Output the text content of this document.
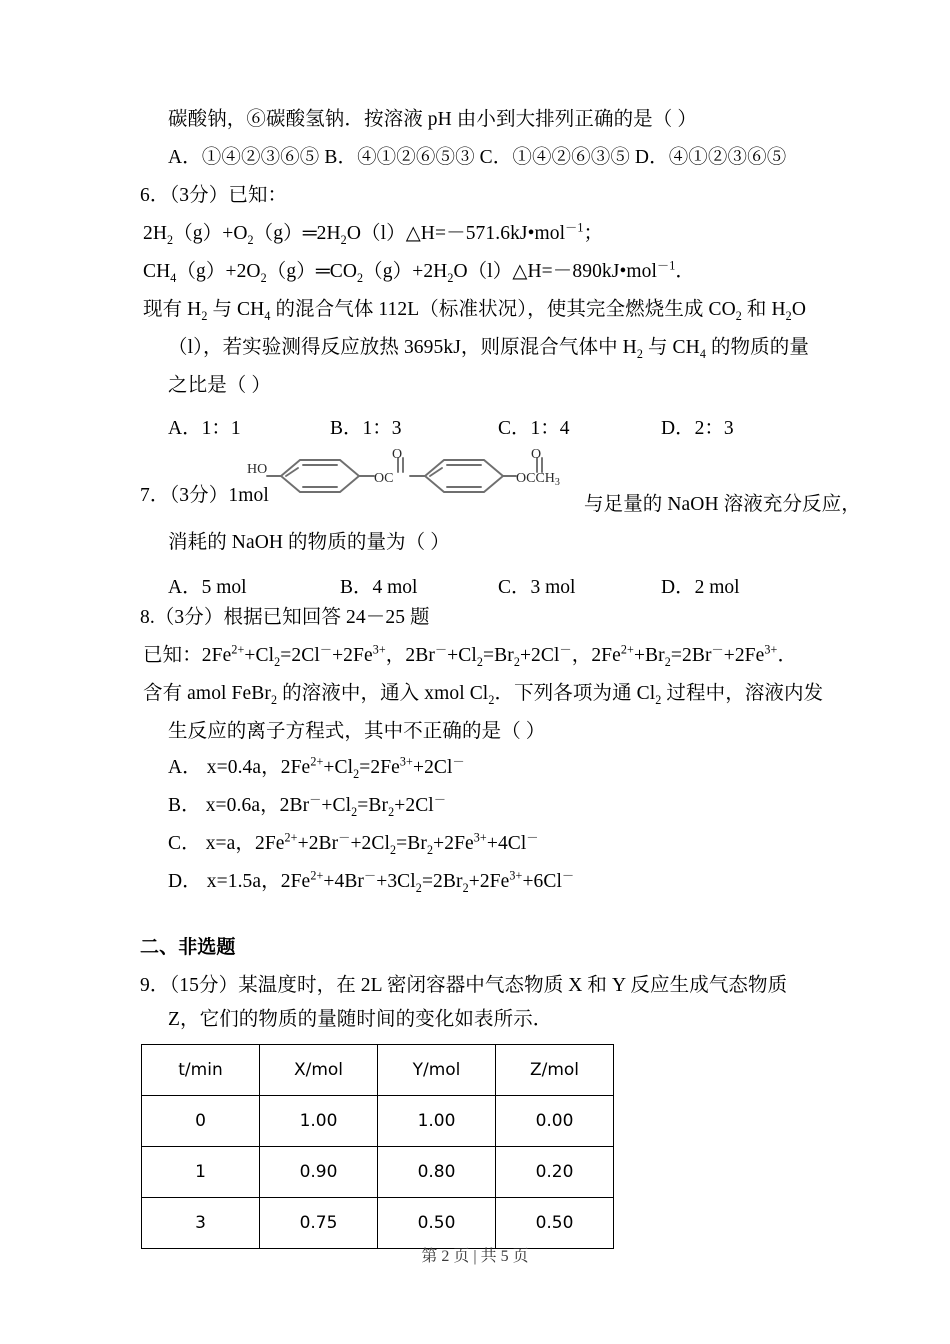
碳酸钠，⑥碳酸氢钠．按溶液 pH 由小到大排列正确的是（ ）
A．①④②③⑥⑤ B．④①②⑥⑤③ C．①④②⑥③⑤ D．④①②③⑥⑤
6．（3分）已知：
$2H_2(g)+O_2(g)═2H_2O(l)\triangle H=-571.6kJ•mol^{-1}$；
$CH_4(g)+2O_2(g)═CO_2(g)+2H_2O(l)\triangle H=-890kJ•mol^{-1}$．
现有 $H_2$ 与 $CH_4$ 的混合气体 112L（标准状况），使其完全燃烧生成 $CO_2$ 和 $H_2O$
（l），若实验测得反应放热 3695kJ，则原混合气体中 $H_2$ 与 $CH_4$ 的物质的量
之比是（ ）
A．1：1	B．1：3	C．1：4	D．2：3
7．（3分）1mol
HO
OC
O
$OCCH_3$
O
与足量的 NaOH 溶液充分反应，
消耗的 NaOH 的物质的量为（ ）
A．5 mol	B．4 mol	C．3 mol	D．2 mol
8.（3分）根据已知回答 24－25 题
已知：$2Fe^{2+}+Cl_2=2Cl^-+2Fe^{3+}$，$2Br^-+Cl_2=Br_2+2Cl^-$，$2Fe^{2+}+Br_2=2Br^-+2Fe^{3+}$．
含有 amol FeBr$_2$ 的溶液中，通入 xmol $Cl_2$．下列各项为通 $Cl_2$ 过程中，溶液内发
生反应的离子方程式，其中不正确的是（ ）
A． x=0.4a，$2Fe^{2+}+Cl_2=2Fe^{3+}+2Cl^-$
B． x=0.6a，$2Br^-+Cl_2=Br_2+2Cl^-$
C． x=a，$2Fe^{2+}+2Br^-+2Cl_2=Br_2+2Fe^{3+}+4Cl^-$
D． x=1.5a，$2Fe^{2+}+4Br^-+3Cl_2=2Br_2+2Fe^{3+}+6Cl^-$
二、非选题
9．（15分）某温度时，在 2L 密闭容器中气态物质 X 和 Y 反应生成气态物质
Z，它们的物质的量随时间的变化如表所示．
t/min	X/mol	Y/mol	Z/mol
0	1.00	1.00	0.00
1	0.90	0.80	0.20
3	0.75	0.50	0.50
第 2 页 | 共 5 页
